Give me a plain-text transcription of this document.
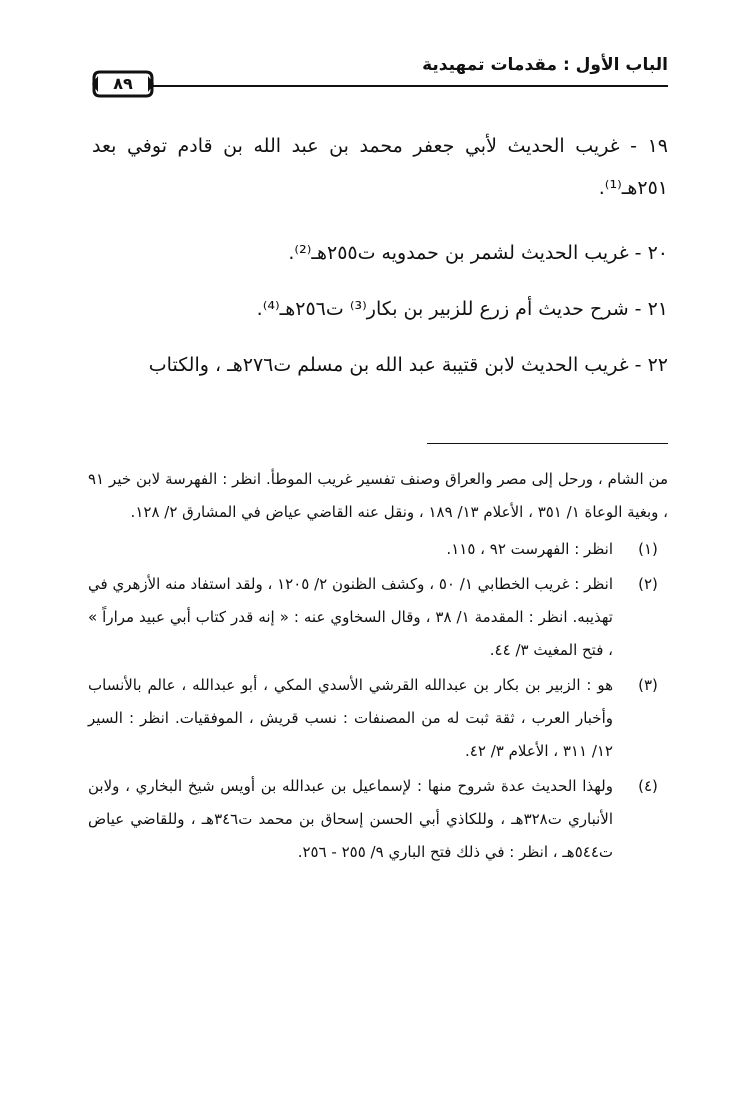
الباب الأول : مقدمات تمهيدية
٨٩
١٩ - غريب الحديث لأبي جعفر محمد بن عبد الله بن قادم توفي بعد ٢٥١هـ⁽¹⁾.
٢٠ - غريب الحديث لشمر بن حمدويه ت٢٥٥هـ⁽²⁾.
٢١ - شرح حديث أم زرع للزبير بن بكار⁽³⁾ ت٢٥٦هـ⁽⁴⁾.
٢٢ - غريب الحديث لابن قتيبة عبد الله بن مسلم ت٢٧٦هـ ، والكتاب
من الشام ، ورحل إلى مصر والعراق وصنف تفسير غريب الموطأ. انظر : الفهرسة لابن خير ٩١ ، وبغية الوعاة ١/ ٣٥١ ، الأعلام ١٣/ ١٨٩ ، ونقل عنه القاضي عياض في المشارق ٢/ ١٢٨.
(١)
انظر : الفهرست ٩٢ ، ١١٥.
(٢)
انظر : غريب الخطابي ١/ ٥٠ ، وكشف الظنون ٢/ ١٢٠٥ ، ولقد استفاد منه الأزهري في تهذيبه. انظر : المقدمة ١/ ٣٨ ، وقال السخاوي عنه : « إنه قدر كتاب أبي عبيد مراراً » ، فتح المغيث ٣/ ٤٤.
(٣)
هو : الزبير بن بكار بن عبدالله القرشي الأسدي المكي ، أبو عبدالله ، عالم بالأنساب وأخبار العرب ، ثقة ثبت له من المصنفات : نسب قريش ، الموفقيات. انظر : السير ١٢/ ٣١١ ، الأعلام ٣/ ٤٢.
(٤)
ولهذا الحديث عدة شروح منها : لإسماعيل بن عبدالله بن أويس شيخ البخاري ، ولابن الأنباري ت٣٢٨هـ ، وللكاذي أبي الحسن إسحاق بن محمد ت٣٤٦هـ ، وللقاضي عياض ت٥٤٤هـ ، انظر : في ذلك فتح الباري ٩/ ٢٥٥ - ٢٥٦.
